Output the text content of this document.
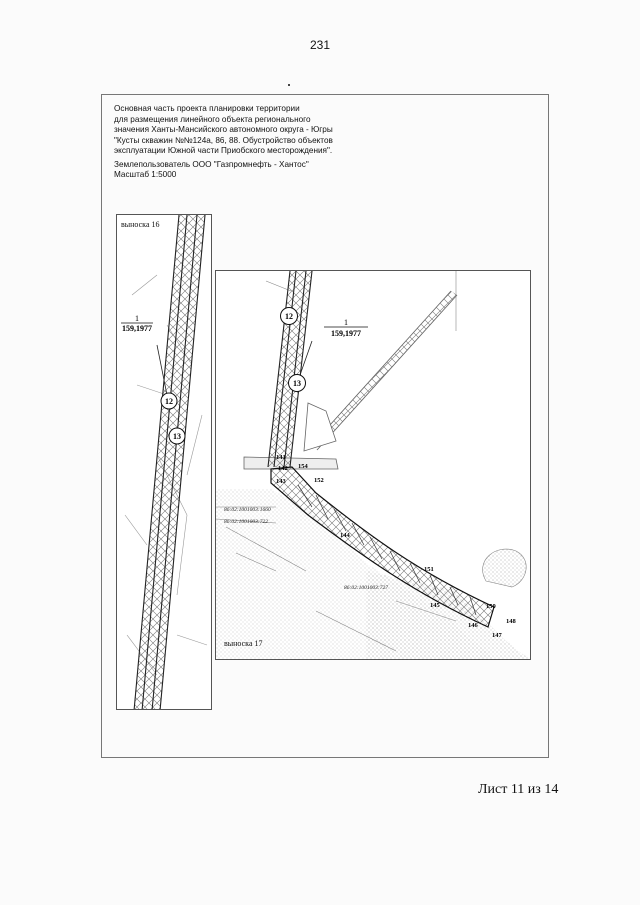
231
Основная часть проекта планировки территории
для размещения линейного объекта регионального
значения Ханты-Мансийского автономного округа - Югры
"Кусты скважин №№124а, 86, 88. Обустройство объектов
эксплуатации Южной части Приобского месторождения".
Землепользователь ООО "Газпромнефть - Хантос"
Масштаб 1:5000
выноска 16
1
159,1977
12
13
1
159,1977
12
13
141
142
143
154
152
144
151
145	150
148
146
147
86:02:1001003:1660
86:02:1001003:722
86:02:1001003:727
выноска 17
Лист 11 из 14
